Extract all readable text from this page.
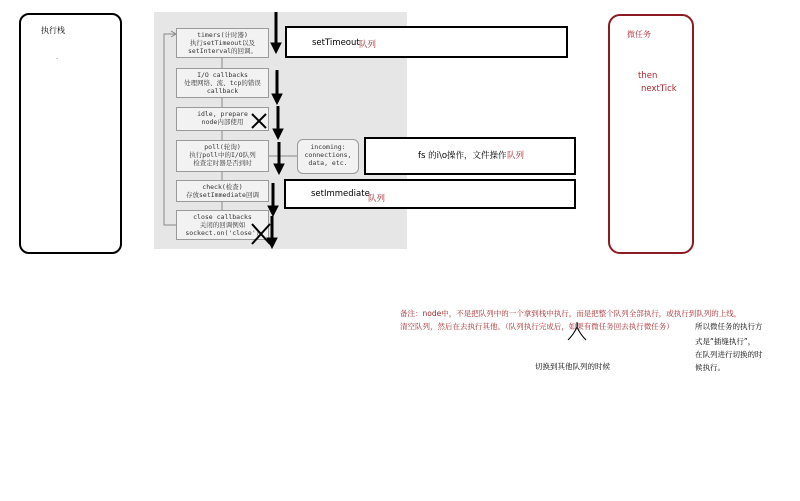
执行栈
.
timers(计时器)
执行setTimeout以及
setInterval的回调。
I/O callbacks
处理网络、流、tcp的错误
callback
idle, prepare
node内部使用
poll(轮询)
执行poll中的I/O队列
检查定时器是否到时
check(检查)
存放setImmediate回调
close callbacks
关闭的回调例如
sockect.on('close')
incoming:
connections,
data, etc.
setTimeout 队列
fs 的i\o操作，文件操作 队列
setImmediate
队列
微任务
then
nextTick
备注：node中，不是把队列中的一个拿到栈中执行，而是把整个队列全部执行，或执行到队列的上线，
清空队列，然后在去执行其他。（队列执行完成后，如果有微任务回去执行微任务）
切换到其他队列的时候
所以微任务的执行方
式是“插缝执行”，
在队列进行切换的时
候执行。
